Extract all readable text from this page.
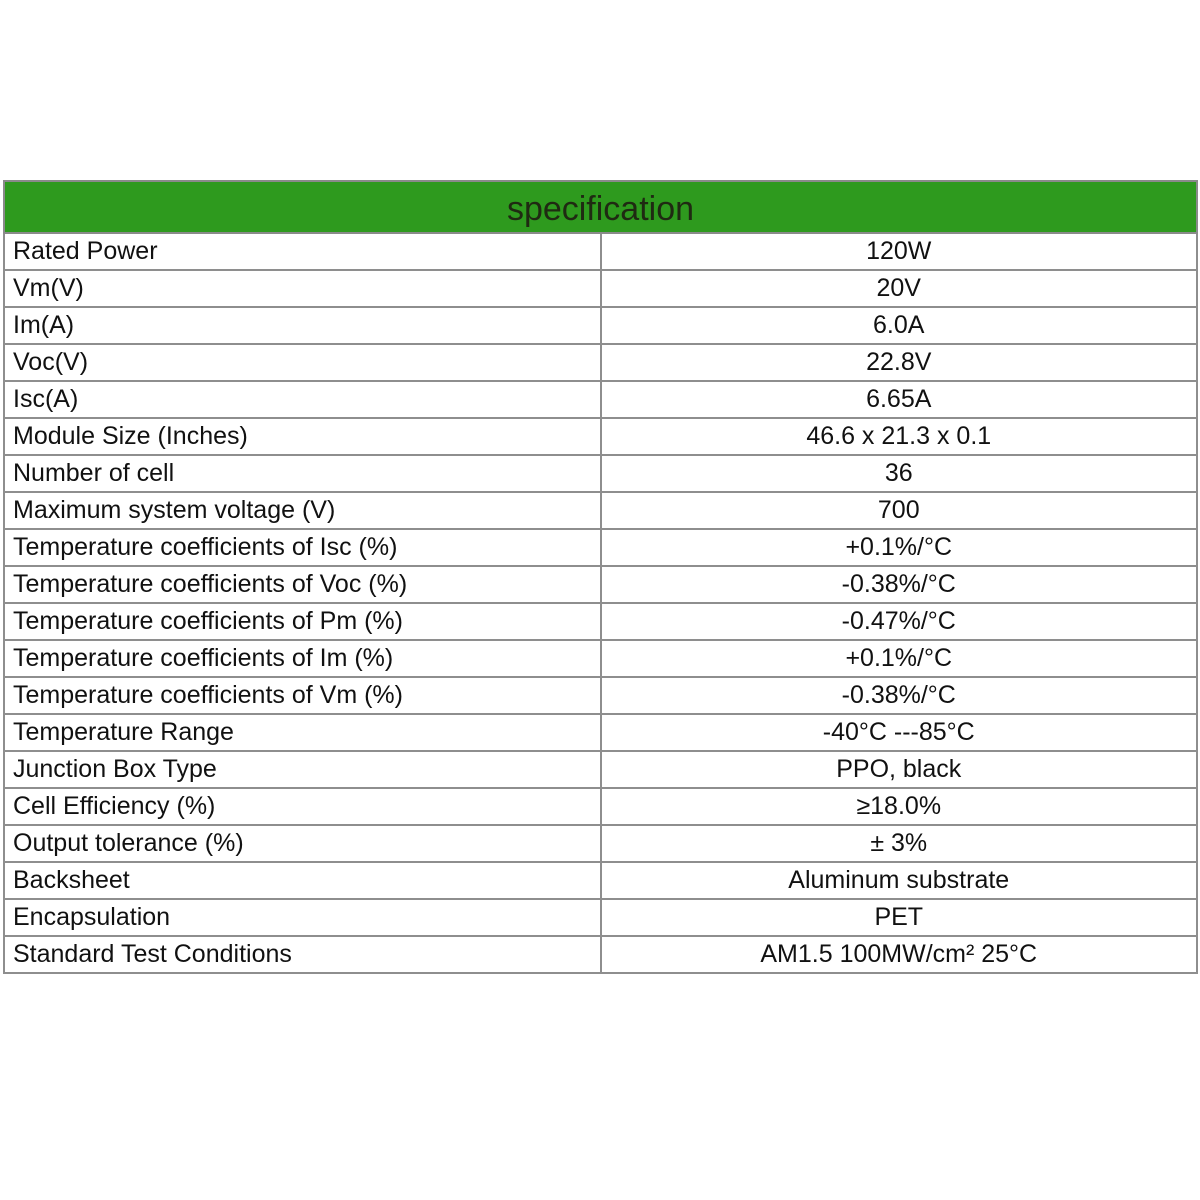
specification	
Rated Power	120W
Vm(V)	20V
Im(A)	6.0A
Voc(V)	22.8V
Isc(A)	6.65A
Module Size (Inches)	46.6 x 21.3 x 0.1
Number of cell	36
Maximum system voltage (V)	700
Temperature coefficients of Isc (%)	+0.1%/°C
Temperature coefficients of Voc (%)	-0.38%/°C
Temperature coefficients of Pm (%)	-0.47%/°C
Temperature coefficients of Im (%)	+0.1%/°C
Temperature coefficients of Vm (%)	-0.38%/°C
Temperature Range	-40°C ---85°C
Junction Box Type	PPO, black
Cell Efficiency (%)	≥18.0%
Output tolerance (%)	± 3%
Backsheet	Aluminum substrate
Encapsulation	PET
Standard Test Conditions	AM1.5 100MW/cm² 25°C
